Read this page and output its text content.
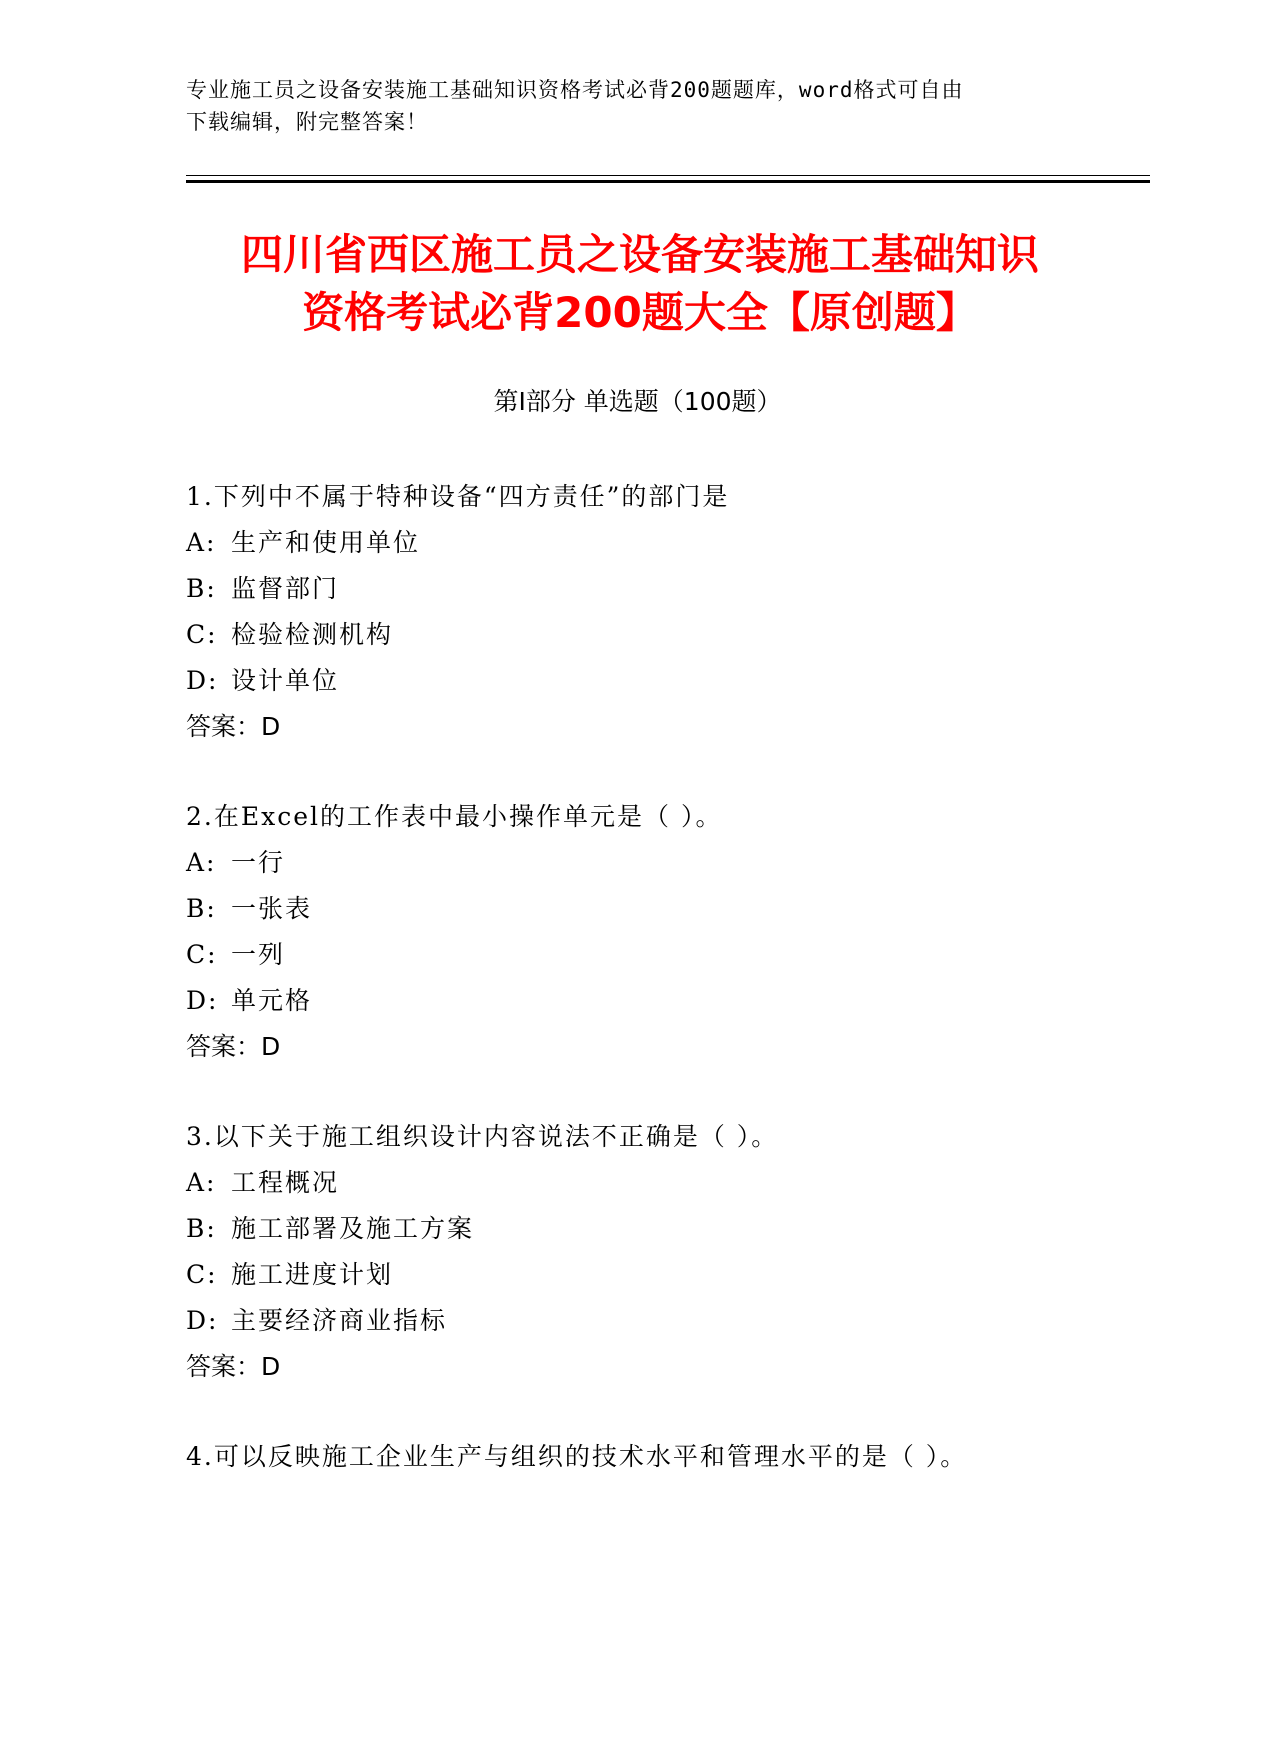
专业施工员之设备安装施工基础知识资格考试必背200题题库，word格式可自由
下载编辑，附完整答案！
四川省西区施工员之设备安装施工基础知识
资格考试必背200题大全【原创题】
第Ⅰ部分 单选题（100题）
1.下列中不属于特种设备“四方责任”的部门是
A: 生产和使用单位
B: 监督部门
C: 检验检测机构
D: 设计单位
答案：D
2.在Excel的工作表中最小操作单元是（ ）。
A: 一行
B: 一张表
C: 一列
D: 单元格
答案：D
3.以下关于施工组织设计内容说法不正确是（ ）。
A: 工程概况
B: 施工部署及施工方案
C: 施工进度计划
D: 主要经济商业指标
答案：D
4.可以反映施工企业生产与组织的技术水平和管理水平的是（ ）。
